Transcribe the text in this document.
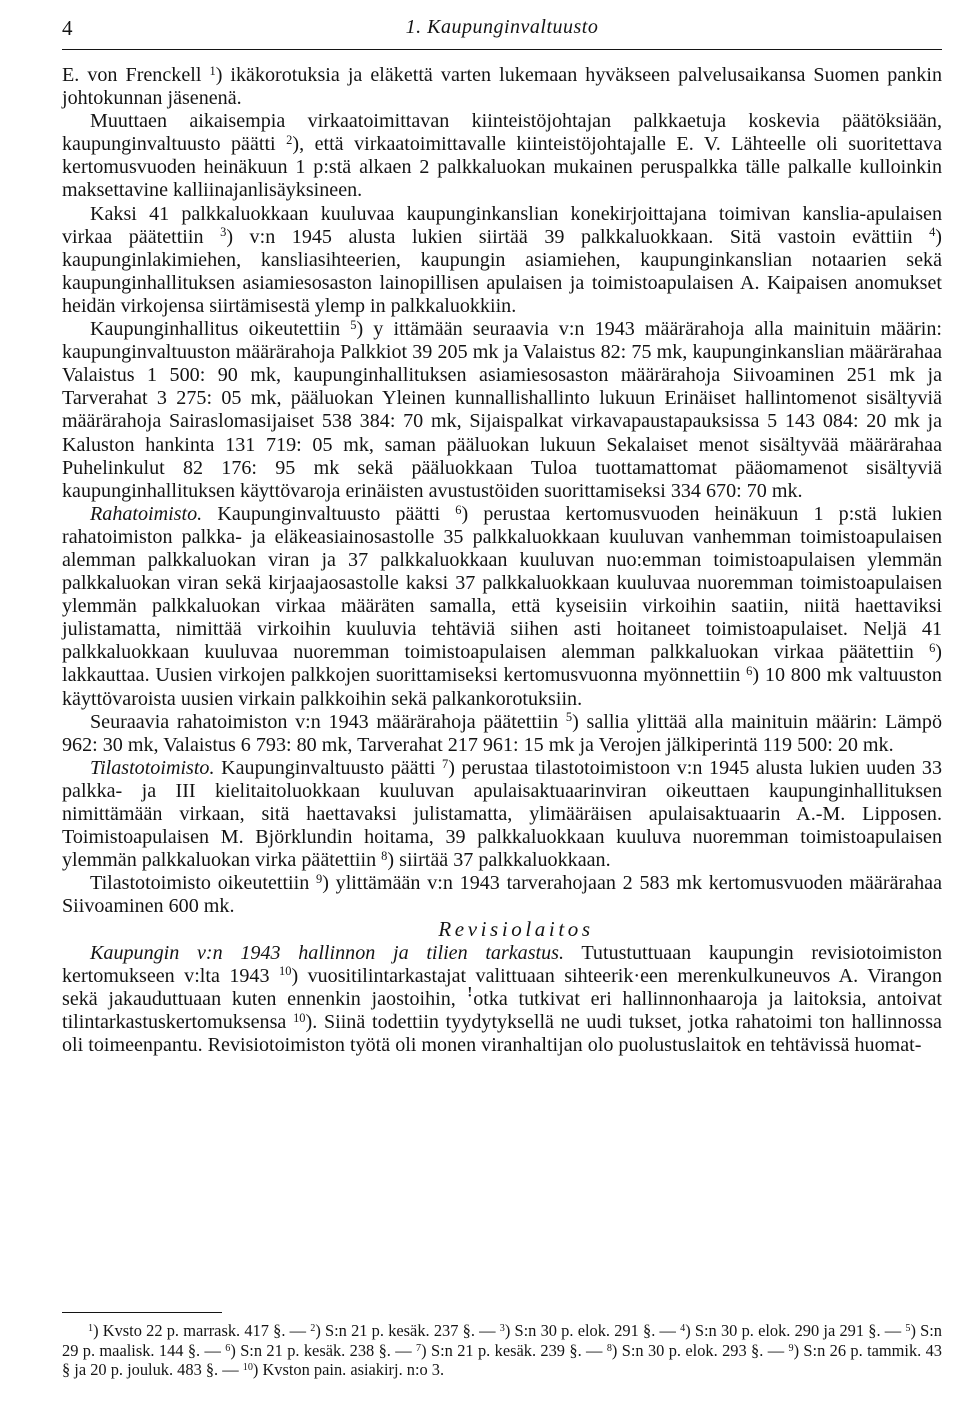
4	1. Kaupunginvaltuusto

E. von Frenckell $^1$) ikäkorotuksia ja eläkettä varten lukemaan hyväkseen palvelusaikansa Suomen pankin johtokunnan jäsenenä.

Muuttaen aikaisempia virkaatoimittavan kiinteistöjohtajan palkkaetuja koskevia päätöksiään, kaupunginvaltuusto päätti $^2$), että virkaatoimittavalle kiinteistöjohtajalle E. V. Lähteelle oli suoritettava kertomusvuoden heinäkuun 1 p:stä alkaen 2 palkkaluokan mukainen peruspalkka tälle palkalle kulloinkin maksettavine kalliinajanlisäyksineen.

Kaksi 41 palkkaluokkaan kuuluvaa kaupunginkanslian konekirjoittajana toimivan kanslia-apulaisen virkaa päätettiin $^3$) v:n 1945 alusta lukien siirtää 39 palkkaluokkaan. Sitä vastoin evättiin $^4$) kaupunginlakimiehen, kansliasihteerien, kaupungin asiamiehen, kaupunginkanslian notaarien sekä kaupunginhallituksen asiamiesosaston lainopillisen apulaisen ja toimistoapulaisen A. Kaipaisen anomukset heidän virkojensa siirtämisestä ylemp in palkkaluokkiin.

Kaupunginhallitus oikeutettiin $^5$) y ittämään seuraavia v:n 1943 määrärahoja alla mainituin määrin: kaupunginvaltuuston määrärahoja Palkkiot 39 205 mk ja Valaistus 82: 75 mk, kaupunginkanslian määrärahaa Valaistus 1 500: 90 mk, kaupunginhallituksen asiamiesosaston määrärahoja Siivoaminen 251 mk ja Tarverahat 3 275: 05 mk, pääluokan Yleinen kunnallishallinto lukuun Erinäiset hallintomenot sisältyviä määrärahoja Sairaslomasijaiset 538 384: 70 mk, Sijaispalkat virkavapaustapauksissa 5 143 084: 20 mk ja Kaluston hankinta 131 719: 05 mk, saman pääluokan lukuun Sekalaiset menot sisältyvää määrärahaa Puhelinkulut 82 176: 95 mk sekä pääluokkaan Tuloa tuottamattomat pääomamenot sisältyviä kaupunginhallituksen käyttövaroja erinäisten avustustöiden suorittamiseksi 334 670: 70 mk.

Rahatoimisto. Kaupunginvaltuusto päätti $^6$) perustaa kertomusvuoden heinäkuun 1 p:stä lukien rahatoimiston palkka- ja eläkeasiainosastolle 35 palkkaluokkaan kuuluvan vanhemman toimistoapulaisen alemman palkkaluokan viran ja 37 palkkaluokkaan kuuluvan nuo:emman toimistoapulaisen ylemmän palkkaluokan viran sekä kirjaajaosastolle kaksi 37 palkkaluokkaan kuuluvaa nuoremman toimistoapulaisen ylemmän palkkaluokan virkaa määräten samalla, että kyseisiin virkoihin saatiin, niitä haettaviksi julistamatta, nimittää virkoihin kuuluvia tehtäviä siihen asti hoitaneet toimistoapulaiset. Neljä 41 palkkaluokkaan kuuluvaa nuoremman toimistoapulaisen alemman palkkaluokan virkaa päätettiin $^6$) lakkauttaa. Uusien virkojen palkkojen suorittamiseksi kertomusvuonna myönnettiin $^6$) 10 800 mk valtuuston käyttövaroista uusien virkain palkkoihin sekä palkankorotuksiin.

Seuraavia rahatoimiston v:n 1943 määrärahoja päätettiin $^5$) sallia ylittää alla mainituin määrin: Lämpö 962: 30 mk, Valaistus 6 793: 80 mk, Tarverahat 217 961: 15 mk ja Verojen jälkiperintä 119 500: 20 mk.

Tilastotoimisto. Kaupunginvaltuusto päätti $^7$) perustaa tilastotoimistoon v:n 1945 alusta lukien uuden 33 palkka- ja III kielitaitoluokkaan kuuluvan apulaisaktuaarinviran oikeuttaen kaupunginhallituksen nimittämään virkaan, sitä haettavaksi julistamatta, ylimääräisen apulaisaktuaarin A.-M. Lipposen. Toimistoapulaisen M. Björklundin hoitama, 39 palkkaluokkaan kuuluva nuoremman toimistoapulaisen ylemmän palkkaluokan virka päätettiin $^8$) siirtää 37 palkkaluokkaan.

Tilastotoimisto oikeutettiin $^9$) ylittämään v:n 1943 tarverahojaan 2 583 mk kertomusvuoden määrärahaa Siivoaminen 600 mk.

Revisiolaitos

Kaupungin v:n 1943 hallinnon ja tilien tarkastus. Tutustuttuaan kaupungin revisiotoimiston kertomukseen v:lta 1943 $^{10}$) vuositilintarkastajat valittuaan sihteerik·een merenkulkuneuvos A. Virangon sekä jakauduttuaan kuten ennenkin jaostoihin, ꜝotka tutkivat eri hallinnonhaaroja ja laitoksia, antoivat tilintarkastuskertomuksensa $^{10}$). Siinä todettiin tyydytyksellä ne uudi tukset, jotka rahatoimi ton hallinnossa oli toimeenpantu. Revisiotoimiston työtä oli monen viranhaltijan olo puolustuslaitok en tehtävissä huomat-

$^1$) Kvsto 22 p. marrask. 417 §. — $^2$) S:n 21 p. kesäk. 237 §. — $^3$) S:n 30 p. elok. 291 §. — $^4$) S:n 30 p. elok. 290 ja 291 §. — $^5$) S:n 29 p. maalisk. 144 §. — $^6$) S:n 21 p. kesäk. 238 §. — $^7$) S:n 21 p. kesäk. 239 §. — $^8$) S:n 30 p. elok. 293 §. — $^9$) S:n 26 p. tammik. 43 § ja 20 p. jouluk. 483 §. — $^{10}$) Kvston pain. asiakirj. n:o 3.
